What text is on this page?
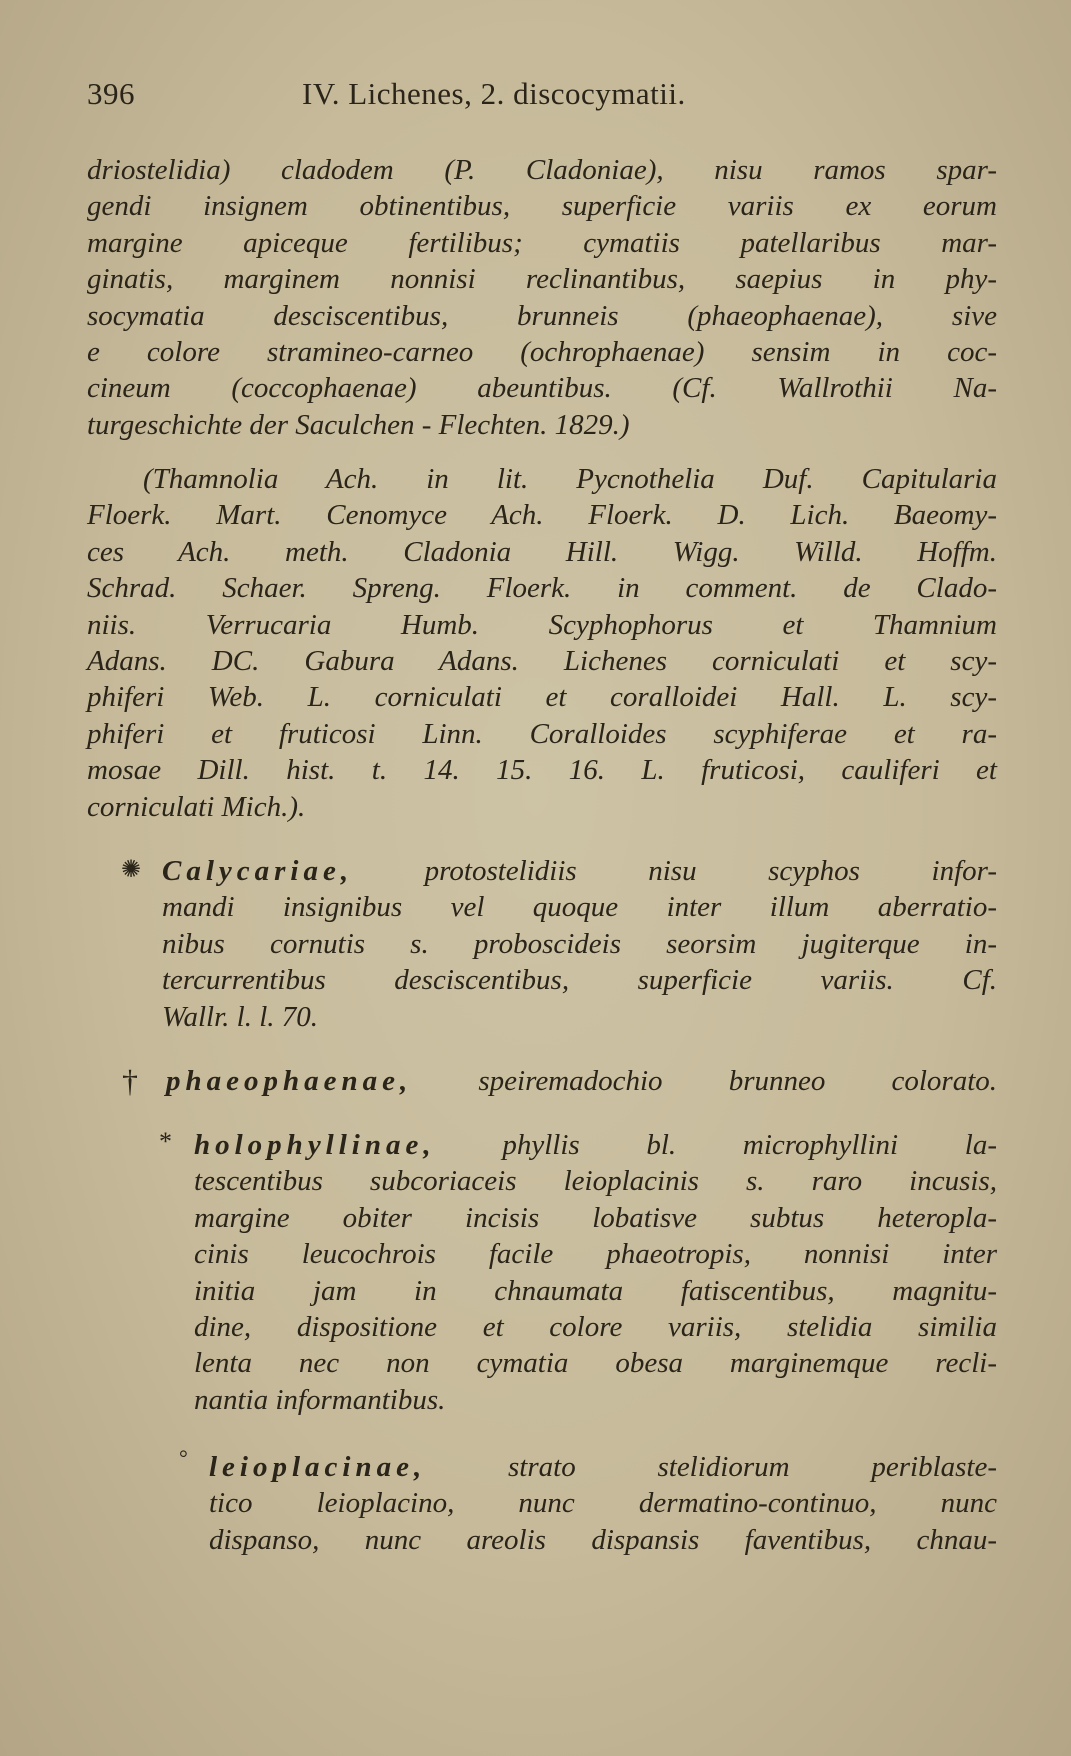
396	IV. Lichenes, 2. discocymatii.
driostelidia) cladodem (P. Cladoniae), nisu ramos spar-
gendi insignem obtinentibus, superficie variis ex eorum
margine apiceque fertilibus; cymatiis patellaribus mar-
ginatis, marginem nonnisi reclinantibus, saepius in phy-
socymatia desciscentibus, brunneis (phaeophaenae), sive
e colore stramineo-carneo (ochrophaenae) sensim in coc-
cineum (coccophaenae) abeuntibus. (Cf. Wallrothii Na-
turgeschichte der Saculchen - Flechten. 1829.)
(Thamnolia Ach. in lit. Pycnothelia Duf. Capitularia
Floerk. Mart. Cenomyce Ach. Floerk. D. Lich. Baeomy-
ces Ach. meth. Cladonia Hill. Wigg. Willd. Hoffm.
Schrad. Schaer. Spreng. Floerk. in comment. de Clado-
niis. Verrucaria Humb. Scyphophorus et Thamnium
Adans. DC. Gabura Adans. Lichenes corniculati et scy-
phiferi Web. L. corniculati et coralloidei Hall. L. scy-
phiferi et fruticosi Linn. Coralloides scyphiferae et ra-
mosae Dill. hist. t. 14. 15. 16. L. fruticosi, cauliferi et
corniculati Mich.).
✺ Calycariae, protostelidiis nisu scyphos infor-
mandi insignibus vel quoque inter illum aberratio-
nibus cornutis s. proboscideis seorsim jugiterque in-
tercurrentibus desciscentibus, superficie variis. Cf.
Wallr. l. l. 70.
† phaeophaenae, speiremadochio brunneo colorato.
* holophyllinae, phyllis bl. microphyllini la-
tescentibus subcoriaceis leioplacinis s. raro incusis,
margine obiter incisis lobatisve subtus heteropla-
cinis leucochrois facile phaeotropis, nonnisi inter
initia jam in chnaumata fatiscentibus, magnitu-
dine, dispositione et colore variis, stelidia similia
lenta nec non cymatia obesa marginemque recli-
nantia informantibus.
° leioplacinae,	strato stelidiorum periblaste-
tico leioplacino, nunc dermatino-continuo, nunc
dispanso, nunc areolis dispansis faventibus, chnau-
